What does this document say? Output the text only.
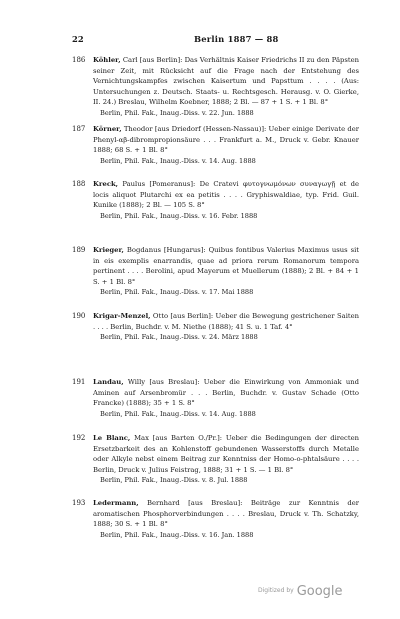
22	Berlin 1887 — 88
186	Köhler, Carl [aus Berlin]: Das Verhältnis Kaiser Friedrichs II zu den Päpsten seiner Zeit, mit Rücksicht auf die Frage nach der Entstehung des Vernichtungskampfes zwischen Kaisertum und Papsttum . . . . (Aus: Untersuchungen z. Deutsch. Staats- u. Rechtsgesch. Herausg. v. O. Gierke, II. 24.) Breslau, Wilhelm Koebner, 1888; 2 Bl. — 87 + 1 S. + 1 Bl. 8°
Berlin, Phil. Fak., Inaug.-Diss. v. 22. Jun. 1888
187	Körner, Theodor [aus Driedorf (Hessen-Nassau)]: Ueber einige Derivate der Phenyl-αβ-dibrompropionsäure . . . Frankfurt a. M., Druck v. Gebr. Knauer 1888; 68 S. + 1 Bl. 8°
Berlin, Phil. Fak., Inaug.-Diss. v. 14. Aug. 1888
188	Kreck, Paulus [Pomeranus]: De Cratevi φυτογνωμόνων συναγωγῇ et de locis aliquot Plutarchi ex ea petitis . . . . Gryphiswaldiae, typ. Frid. Guil. Kunike (1888); 2 Bl. — 105 S. 8°
Berlin, Phil. Fak., Inaug.-Diss. v. 16. Febr. 1888
189	Krieger, Bogdanus [Hungarus]: Quibus fontibus Valerius Maximus usus sit in eis exemplis enarrandis, quae ad priora rerum Romanorum tempora pertinent . . . . Berolini, apud Mayerum et Muellerum (1888); 2 Bl. + 84 + 1 S. + 1 Bl. 8°
Berlin, Phil. Fak., Inaug.-Diss. v. 17. Mai 1888
190	Krigar-Menzel, Otto [aus Berlin]: Ueber die Bewegung gestrichener Saiten . . . . Berlin, Buchdr. v. M. Niethe (1888); 41 S. u. 1 Taf. 4°
Berlin, Phil. Fak., Inaug.-Diss. v. 24. März 1888
191	Landau, Willy [aus Breslau]: Ueber die Einwirkung von Ammoniak und Aminen auf Arsenbromür . . . Berlin, Buchdr. v. Gustav Schade (Otto Francke) (1888); 35 + 1 S. 8°
Berlin, Phil. Fak., Inaug.-Diss. v. 14. Aug. 1888
192	Le Blanc, Max [aus Barten O./Pr.]: Ueber die Bedingungen der directen Ersetzbarkeit des an Kohlenstoff gebundenen Wasserstoffs durch Metalle oder Alkyle nebst einem Beitrag zur Kenntniss der Homo-o-phtalsäure . . . . Berlin, Druck v. Julius Feistrag, 1888; 31 + 1 S. — 1 Bl. 8°
Berlin, Phil. Fak., Inaug.-Diss. v. 8. Jul. 1888
193	Ledermann, Bernhard [aus Breslau]: Beiträge zur Kenntnis der aromatischen Phosphorverbindungen . . . . Breslau, Druck v. Th. Schatzky, 1888; 30 S. + 1 Bl. 8°
Berlin, Phil. Fak., Inaug.-Diss. v. 16. Jan. 1888
Digitized by Google
